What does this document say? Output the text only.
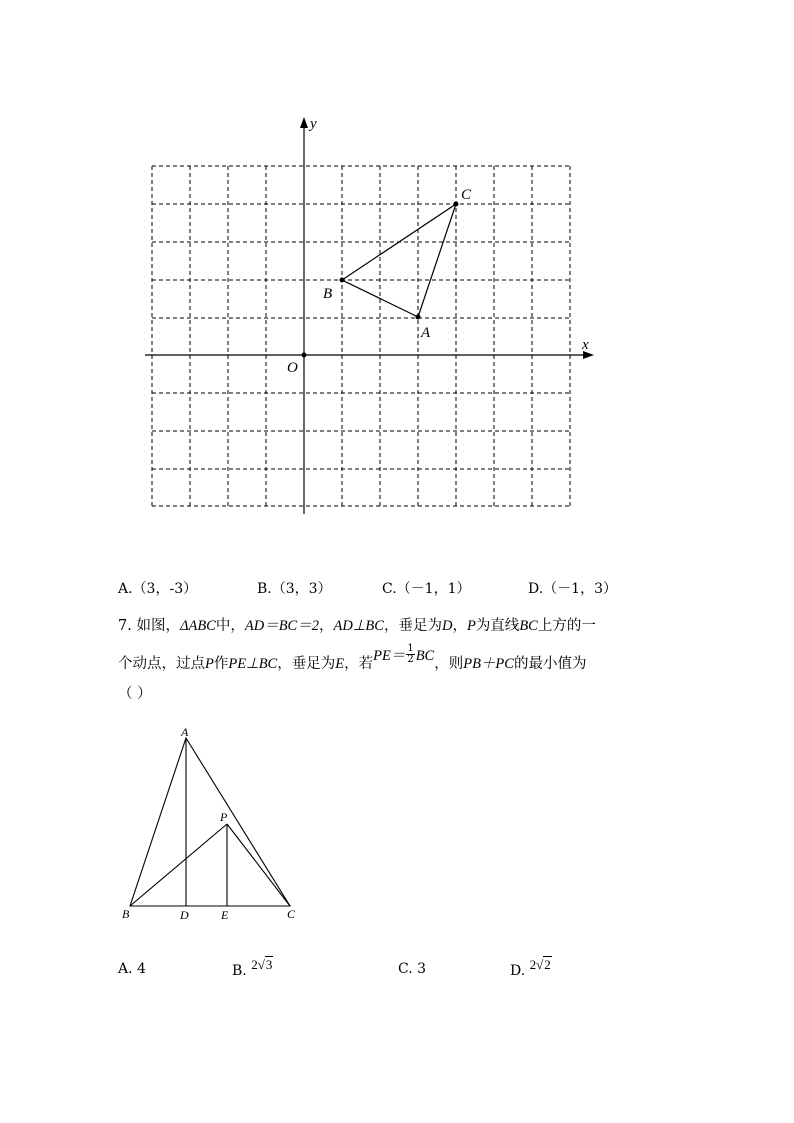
x
y
O
A
B
C
A.（3，-3）	B.（3，3）	C.（－1，1）	D.（－1，3）
7. 如图，ΔABC中，AD＝BC＝2，AD⊥BC，垂足为D，P为直线BC上方的一
个动点，过点P作PE⊥BC，垂足为E，若$PE= \frac{1}{2}$ BC，则PB＋PC的最小值为
（ ）
A
P
B	D	E	C
A. 4	B. 2√3	C. 3	D. 2√2
